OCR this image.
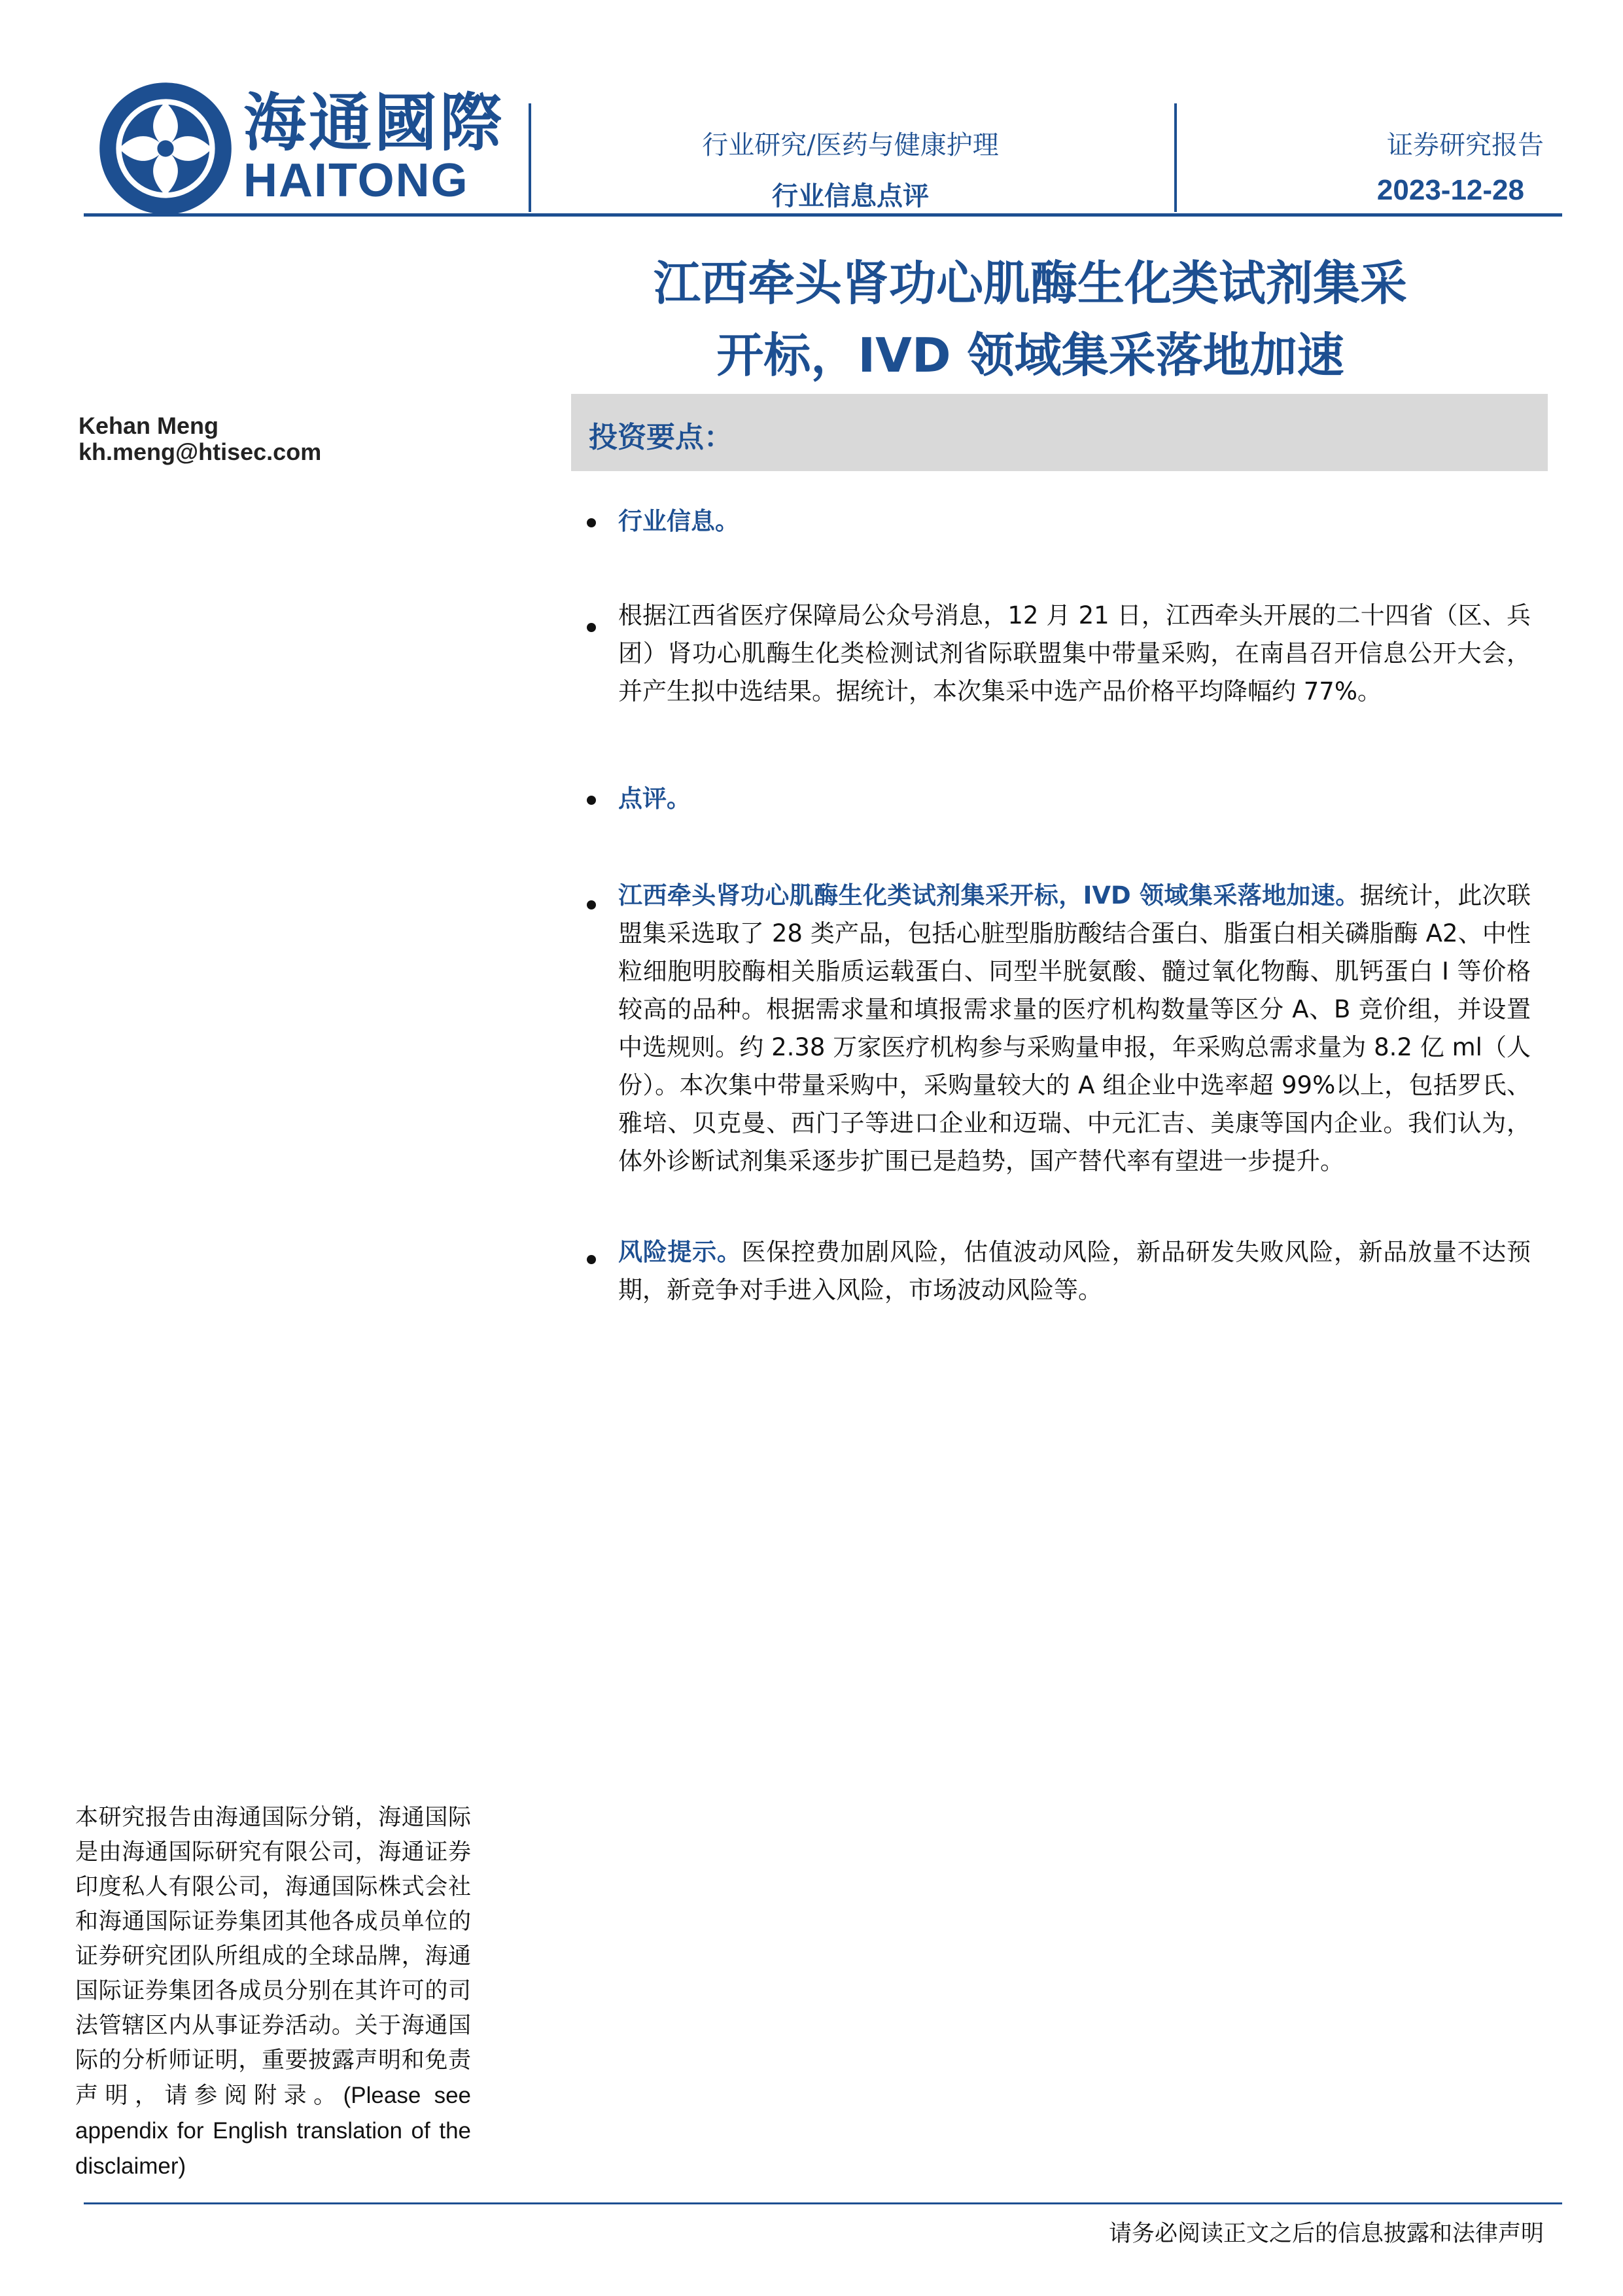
海通國際
HAITONG
行业研究/医药与健康护理
行业信息点评
证券研究报告
2023-12-28
江西牵头肾功心肌酶生化类试剂集采
开标，IVD 领域集采落地加速
Kehan Meng
kh.meng@htisec.com	投资要点：
行业信息。
根据江西省医疗保障局公众号消息，12 月 21 日，江西牵头开展的二十四省（区、兵团）肾功心肌酶生化类检测试剂省际联盟集中带量采购，在南昌召开信息公开大会，并产生拟中选结果。据统计，本次集采中选产品价格平均降幅约 77%。
点评。
江西牵头肾功心肌酶生化类试剂集采开标，IVD 领域集采落地加速。据统计，此次联盟集采选取了 28 类产品，包括心脏型脂肪酸结合蛋白、脂蛋白相关磷脂酶 A2、中性粒细胞明胶酶相关脂质运载蛋白、同型半胱氨酸、髓过氧化物酶、肌钙蛋白 I 等价格较高的品种。根据需求量和填报需求量的医疗机构数量等区分 A、B 竞价组，并设置中选规则。约 2.38 万家医疗机构参与采购量申报，年采购总需求量为 8.2 亿 ml（人份）。本次集中带量采购中，采购量较大的 A 组企业中选率超 99%以上，包括罗氏、雅培、贝克曼、西门子等进口企业和迈瑞、中元汇吉、美康等国内企业。我们认为，体外诊断试剂集采逐步扩围已是趋势，国产替代率有望进一步提升。
风险提示。医保控费加剧风险，估值波动风险，新品研发失败风险，新品放量不达预期，新竞争对手进入风险，市场波动风险等。
本研究报告由海通国际分销，海通国际是由海通国际研究有限公司，海通证券印度私人有限公司，海通国际株式会社和海通国际证券集团其他各成员单位的证券研究团队所组成的全球品牌，海通国际证券集团各成员分别在其许可的司法管辖区内从事证券活动。关于海通国际的分析师证明，重要披露声明和免责声明，请参阅附录。(Please see appendix for English translation of the disclaimer)
请务必阅读正文之后的信息披露和法律声明
